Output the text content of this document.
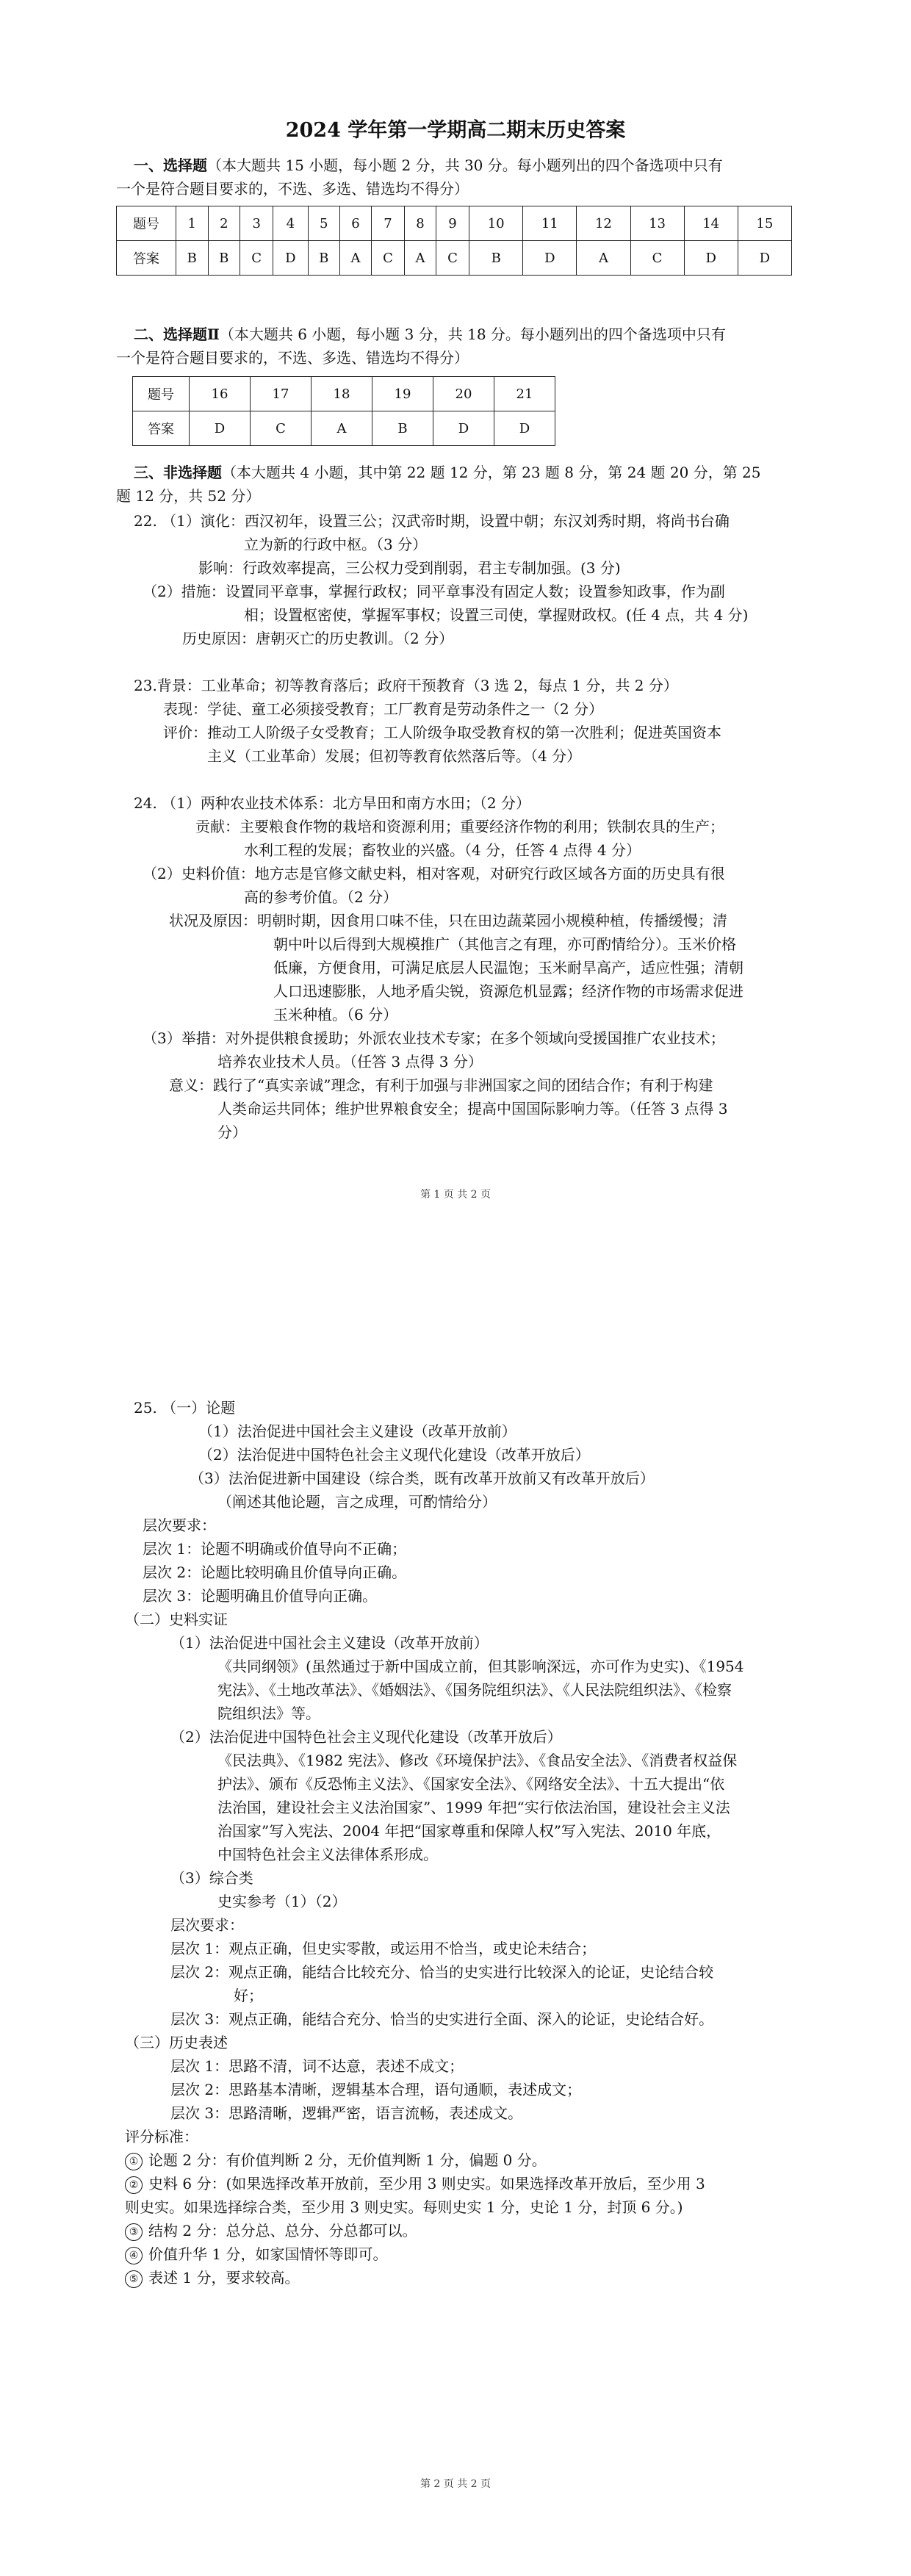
2024 学年第一学期高二期末历史答案
一、选择题（本大题共 15 小题，每小题 2 分，共 30 分。每小题列出的四个备选项中只有
一个是符合题目要求的，不选、多选、错选均不得分）
题号	1	2	3	4	5	6	7	8	9	10	11	12	13	14	15
答案	B	B	C	D	B	A	C	A	C	B	D	A	C	D	D
二、选择题Ⅱ（本大题共 6 小题，每小题 3 分，共 18 分。每小题列出的四个备选项中只有
一个是符合题目要求的，不选、多选、错选均不得分）
题号	16	17	18	19	20	21
答案	D	C	A	B	D	D
三、非选择题（本大题共 4 小题，其中第 22 题 12 分，第 23 题 8 分，第 24 题 20 分，第 25
题 12 分，共 52 分）
22. （1）演化：西汉初年，设置三公；汉武帝时期，设置中朝；东汉刘秀时期，将尚书台确
立为新的行政中枢。（3 分）
影响：行政效率提高，三公权力受到削弱，君主专制加强。(3 分)
（2）措施：设置同平章事，掌握行政权；同平章事没有固定人数；设置参知政事，作为副
相；设置枢密使，掌握军事权；设置三司使，掌握财政权。(任 4 点，共 4 分)
历史原因：唐朝灭亡的历史教训。（2 分）
23.背景：工业革命；初等教育落后；政府干预教育（3 选 2，每点 1 分，共 2 分）
表现：学徒、童工必须接受教育；工厂教育是劳动条件之一（2 分）
评价：推动工人阶级子女受教育；工人阶级争取受教育权的第一次胜利；促进英国资本
主义（工业革命）发展；但初等教育依然落后等。（4 分）
24. （1）两种农业技术体系：北方旱田和南方水田；（2 分）
贡献：主要粮食作物的栽培和资源利用；重要经济作物的利用；铁制农具的生产；
水利工程的发展；畜牧业的兴盛。（4 分，任答 4 点得 4 分）
（2）史料价值：地方志是官修文献史料，相对客观，对研究行政区域各方面的历史具有很
高的参考价值。（2 分）
状况及原因：明朝时期，因食用口味不佳，只在田边蔬菜园小规模种植，传播缓慢；清
朝中叶以后得到大规模推广（其他言之有理，亦可酌情给分）。玉米价格
低廉，方便食用，可满足底层人民温饱；玉米耐旱高产，适应性强；清朝
人口迅速膨胀，人地矛盾尖锐，资源危机显露；经济作物的市场需求促进
玉米种植。（6 分）
（3）举措：对外提供粮食援助；外派农业技术专家；在多个领域向受援国推广农业技术；
培养农业技术人员。（任答 3 点得 3 分）
意义：践行了“真实亲诚”理念，有利于加强与非洲国家之间的团结合作；有利于构建
人类命运共同体；维护世界粮食安全；提高中国国际影响力等。（任答 3 点得 3
分）
第 1 页 共 2 页
25. （一）论题
（1）法治促进中国社会主义建设（改革开放前）
（2）法治促进中国特色社会主义现代化建设（改革开放后）
（3）法治促进新中国建设（综合类，既有改革开放前又有改革开放后）
（阐述其他论题，言之成理，可酌情给分）
层次要求：
层次 1：论题不明确或价值导向不正确；
层次 2：论题比较明确且价值导向正确。
层次 3：论题明确且价值导向正确。
（二）史料实证
（1）法治促进中国社会主义建设（改革开放前）
《共同纲领》(虽然通过于新中国成立前，但其影响深远，亦可作为史实)、《1954
宪法》、《土地改革法》、《婚姻法》、《国务院组织法》、《人民法院组织法》、《检察
院组织法》等。
（2）法治促进中国特色社会主义现代化建设（改革开放后）
《民法典》、《1982 宪法》、修改《环境保护法》、《食品安全法》、《消费者权益保
护法》、颁布《反恐怖主义法》、《国家安全法》、《网络安全法》、十五大提出“依
法治国，建设社会主义法治国家”、1999 年把“实行依法治国，建设社会主义法
治国家”写入宪法、2004 年把“国家尊重和保障人权”写入宪法、2010 年底，
中国特色社会主义法律体系形成。
（3）综合类
史实参考（1）（2）
层次要求：
层次 1：观点正确，但史实零散，或运用不恰当，或史论未结合；
层次 2：观点正确，能结合比较充分、恰当的史实进行比较深入的论证，史论结合较
好；
层次 3：观点正确，能结合充分、恰当的史实进行全面、深入的论证，史论结合好。
（三）历史表述
层次 1：思路不清，词不达意，表述不成文；
层次 2：思路基本清晰，逻辑基本合理，语句通顺，表述成文；
层次 3：思路清晰，逻辑严密，语言流畅，表述成文。
评分标准：
① 论题 2 分：有价值判断 2 分，无价值判断 1 分，偏题 0 分。
② 史料 6 分：(如果选择改革开放前，至少用 3 则史实。如果选择改革开放后，至少用 3
则史实。如果选择综合类，至少用 3 则史实。每则史实 1 分，史论 1 分，封顶 6 分。)
③ 结构 2 分：总分总、总分、分总都可以。
④ 价值升华 1 分，如家国情怀等即可。
⑤ 表述 1 分，要求较高。
第 2 页 共 2 页
